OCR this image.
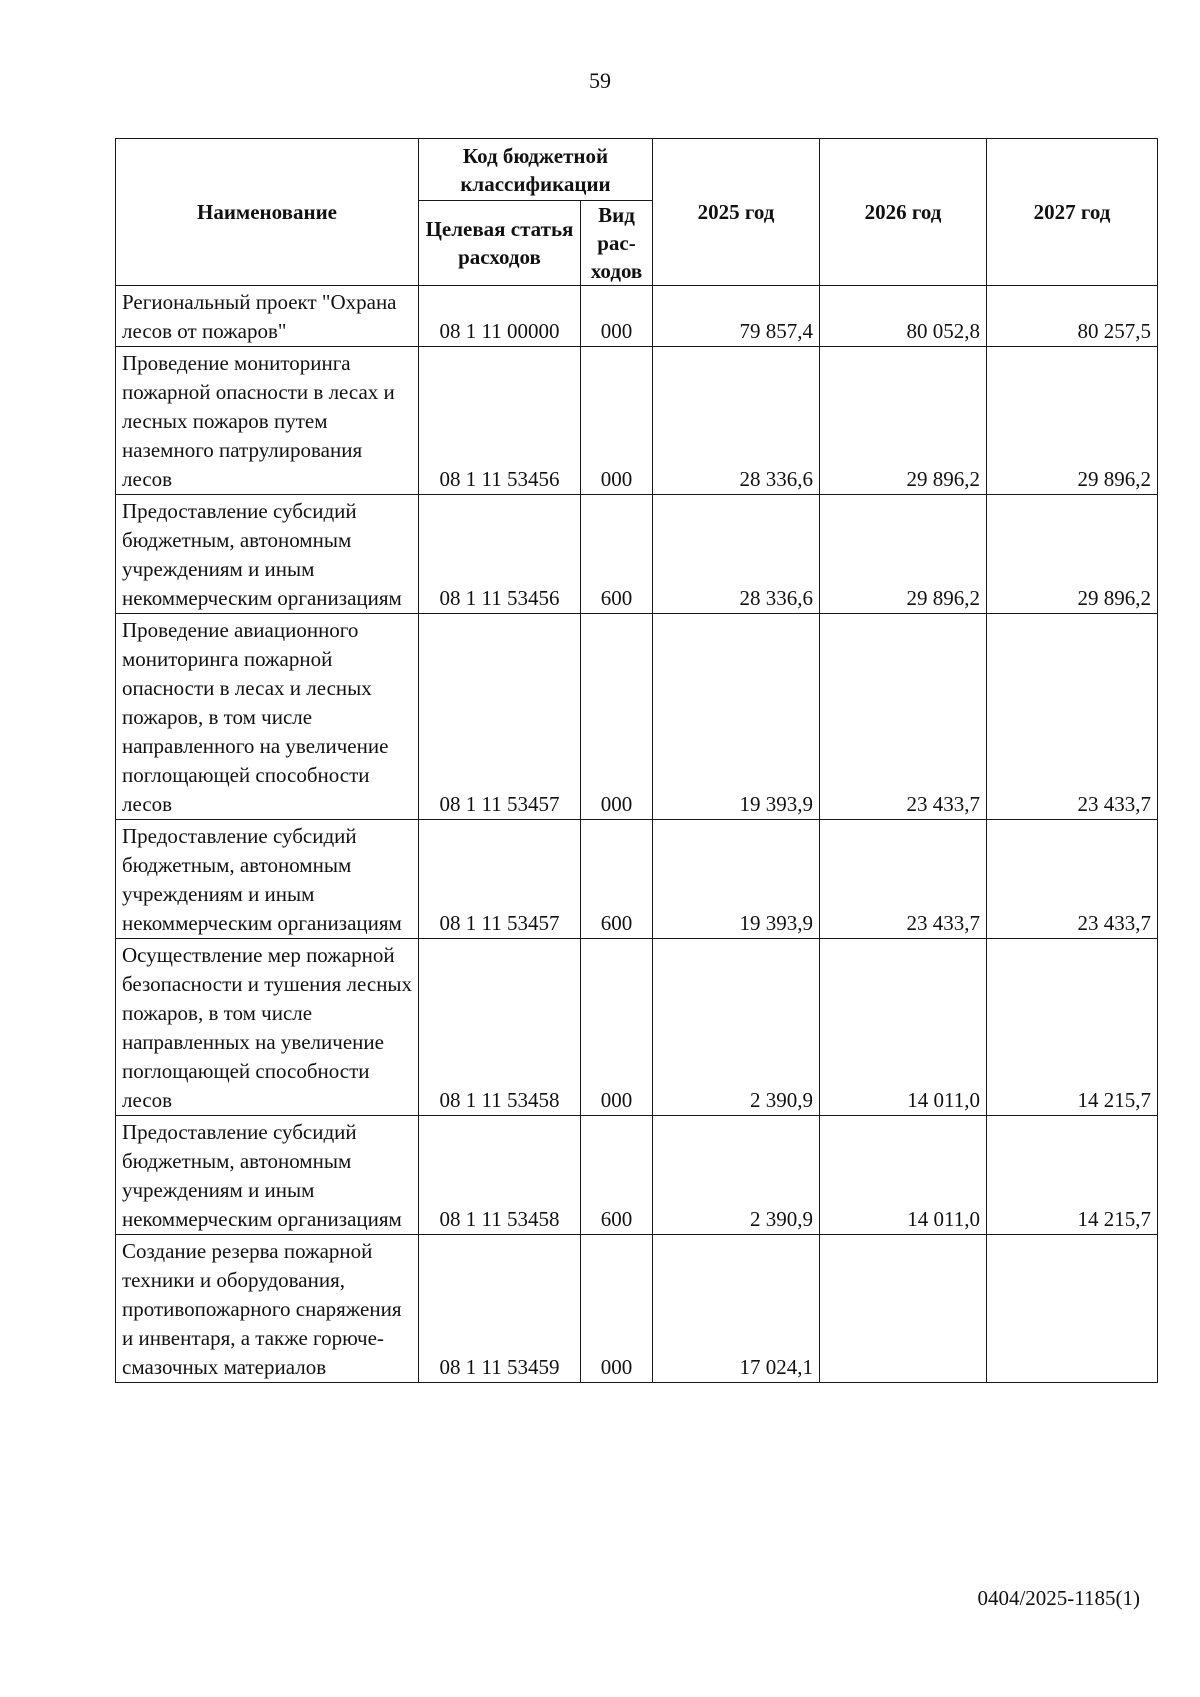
59
Наименование	Код бюджетной классификации		2025 год	2026 год	2027 год
	Целевая статья расходов	Вид рас-ходов			
Региональный проект "Охрана лесов от пожаров"	08 1 11 00000	000	79 857,4	80 052,8	80 257,5
Проведение мониторинга пожарной опасности в лесах и лесных пожаров путем наземного патрулирования лесов	08 1 11 53456	000	28 336,6	29 896,2	29 896,2
Предоставление субсидий бюджетным, автономным учреждениям и иным некоммерческим организациям	08 1 11 53456	600	28 336,6	29 896,2	29 896,2
Проведение авиационного мониторинга пожарной опасности в лесах и лесных пожаров, в том числе направленного на увеличение поглощающей способности лесов	08 1 11 53457	000	19 393,9	23 433,7	23 433,7
Предоставление субсидий бюджетным, автономным учреждениям и иным некоммерческим организациям	08 1 11 53457	600	19 393,9	23 433,7	23 433,7
Осуществление мер пожарной безопасности и тушения лесных пожаров, в том числе направленных на увеличение поглощающей способности лесов	08 1 11 53458	000	2 390,9	14 011,0	14 215,7
Предоставление субсидий бюджетным, автономным учреждениям и иным некоммерческим организациям	08 1 11 53458	600	2 390,9	14 011,0	14 215,7
Создание резерва пожарной техники и оборудования, противопожарного снаряжения и инвентаря, а также горюче-смазочных материалов	08 1 11 53459	000	17 024,1		
0404/2025-1185(1)
